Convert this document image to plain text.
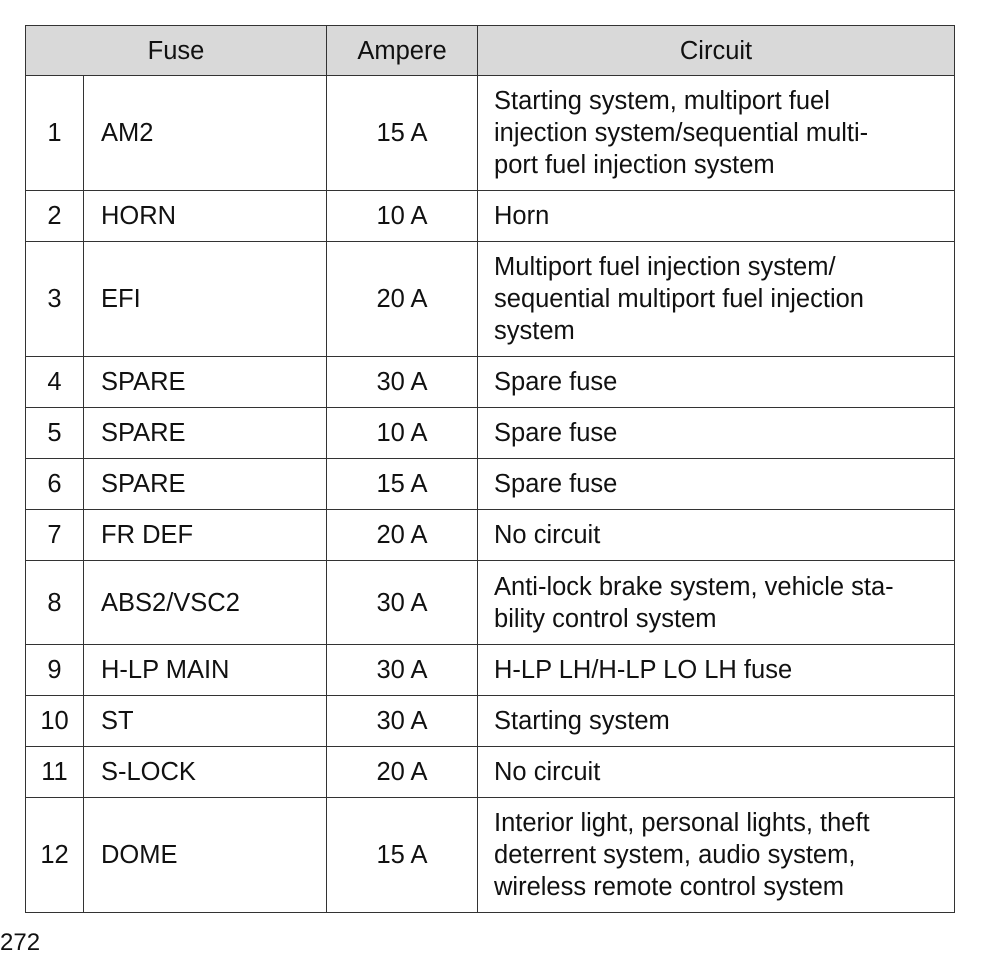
Fuse		Ampere	Circuit
1	AM2	15 A	Starting system, multiport fuel
injection system/sequential multi-
port fuel injection system

2	HORN	10 A	Horn

3	EFI	20 A	Multiport fuel injection system/
sequential multiport fuel injection
system

4	SPARE	30 A	Spare fuse

5	SPARE	10 A	Spare fuse

6	SPARE	15 A	Spare fuse

7	FR DEF	20 A	No circuit

8	ABS2/VSC2	30 A	Anti-lock brake system, vehicle sta-
bility control system

9	H-LP MAIN	30 A	H-LP LH/H-LP LO LH fuse

10	ST	30 A	Starting system

11	S-LOCK	20 A	No circuit

12	DOME	15 A	Interior light, personal lights, theft
deterrent system, audio system,
wireless remote control system
272
